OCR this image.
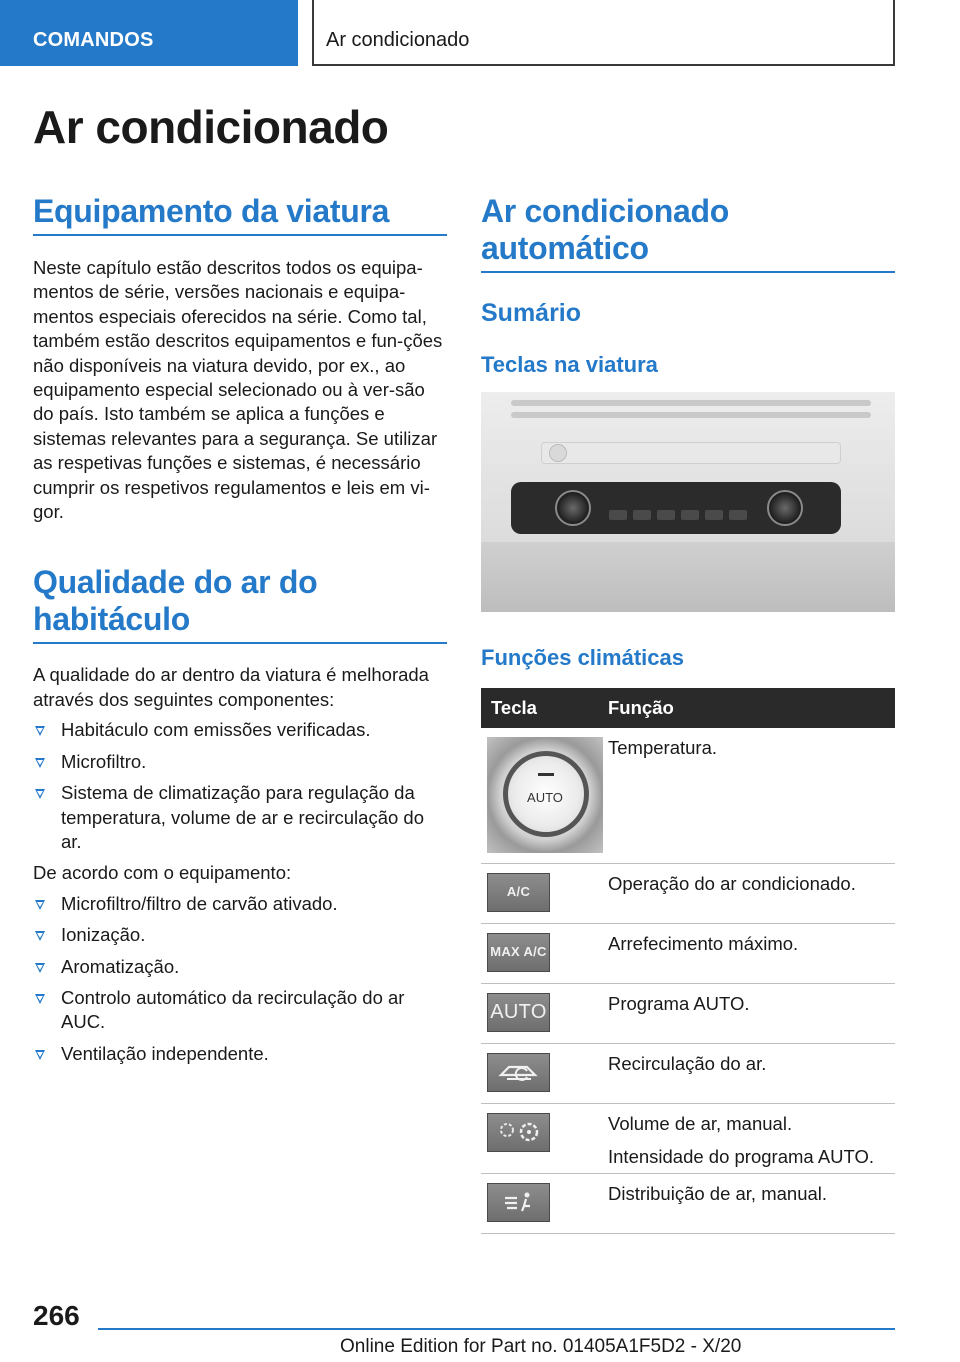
COMANDOS	Ar condicionado
Ar condicionado
Equipamento da viatura

Neste capítulo estão descritos todos os equipa-mentos de série, versões nacionais e equipa-mentos especiais oferecidos na série. Como tal, também estão descritos equipamentos e fun-ções não disponíveis na viatura devido, por ex., ao equipamento especial selecionado ou à ver-são do país. Isto também se aplica a funções e sistemas relevantes para a segurança. Se utilizar as respetivas funções e sistemas, é necessário cumprir os respetivos regulamentos e leis em vi-gor.

Qualidade do ar do
habitáculo

A qualidade do ar dentro da viatura é melhorada através dos seguintes componentes:

Habitáculo com emissões verificadas.
Microfiltro.
Sistema de climatização para regulação da temperatura, volume de ar e recirculação do ar.

De acordo com o equipamento:

Microfiltro/filtro de carvão ativado.
Ionização.
Aromatização.
Controlo automático da recirculação do ar AUC.
Ventilação independente.
Ar condicionado
automático
Sumário
Teclas na viatura
Funções climáticas
Tecla	Função

AUTO	Temperatura.

A/C	Operação do ar condicionado.

MAX A/C	Arrefecimento máximo.

AUTO	Programa AUTO.

Recirculação do ar.

Volume de ar, manual.

Intensidade do programa AUTO.

Distribuição de ar, manual.

266
Online Edition for Part no. 01405A1F5D2 - X/20
